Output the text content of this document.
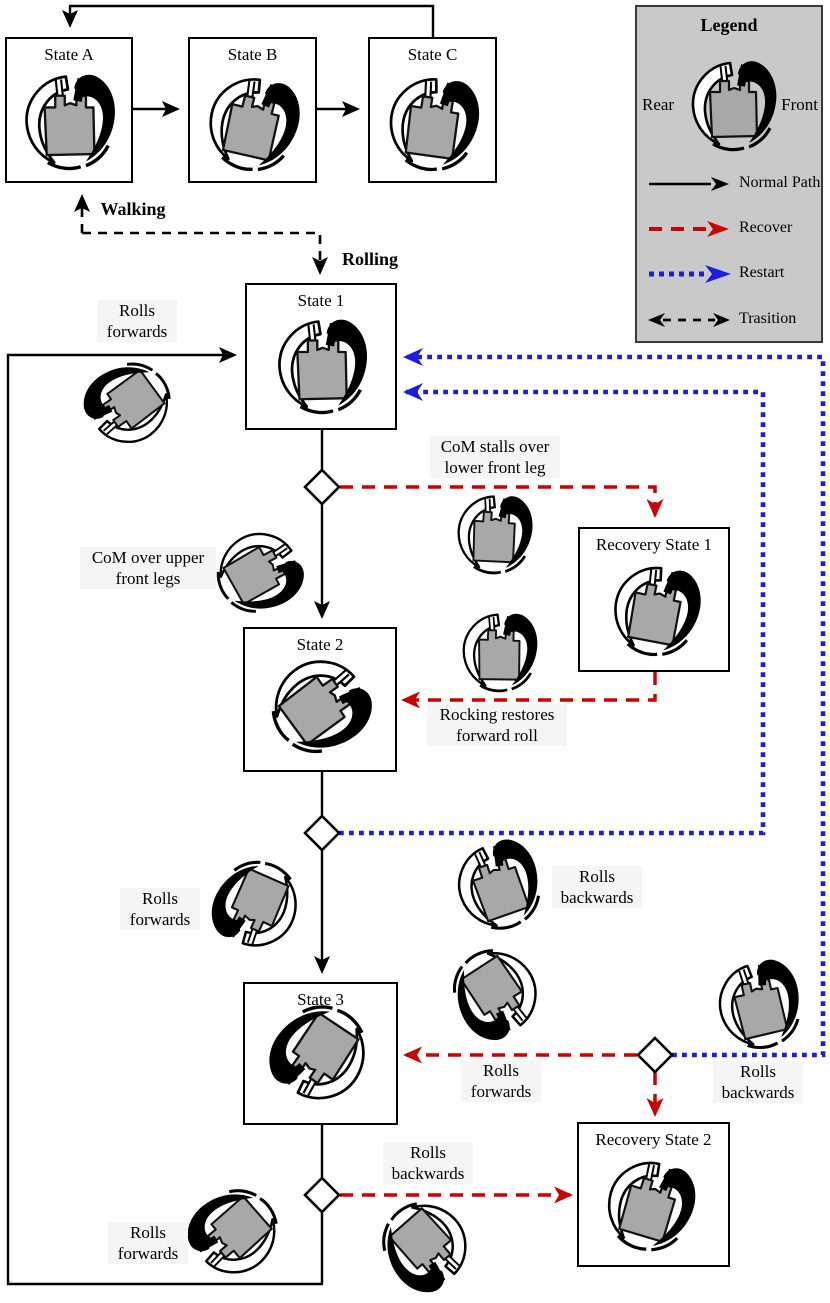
State A	State B	State C
State 1
State 2
State 3
Recovery State 1
Recovery State 2
Walking
Rolling
Rolls forwards
CoM stalls over lower front leg
CoM over upper front legs
Rocking restores forward roll
Rolls forwards
Rolls backwards
Rolls forwards
Rolls backwards
Rolls backwards
Rolls forwards
Legend
Rear	Front
Normal Path
Recover
Restart
Trasition
